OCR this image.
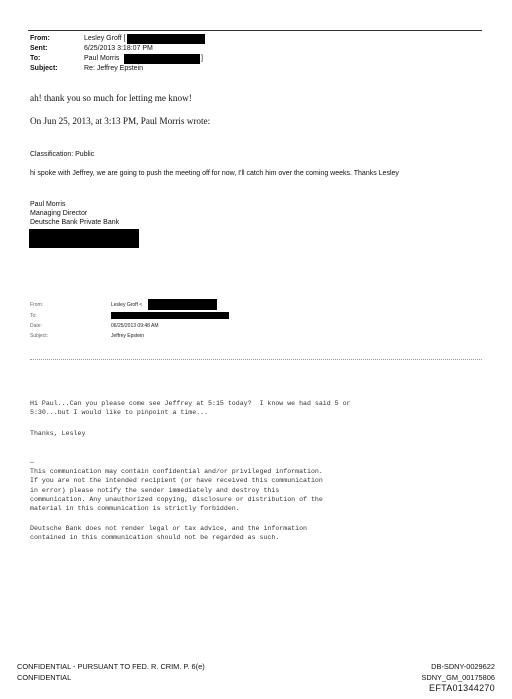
From:	Lesley Groff [
Sent:	6/25/2013 3:18:07 PM
To:	Paul Morris	]
Subject:	Re: Jeffrey Epstein
ah! thank you so much for letting me know!
On Jun 25, 2013, at 3:13 PM, Paul Morris wrote:
Classification: Public
hi spoke with Jeffrey, we are going to push the meeting off for now, I'll catch him over the coming weeks. Thanks Lesley
Paul Morris
Managing Director
Deutsche Bank Private Bank
From:	Lesley Groff <
To:
Date:	06/25/2013 09:48 AM
Subject:	Jeffrey Epstein
Hi Paul...Can you please come see Jeffrey at 5:15 today?  I know we had said 5 or
5:30...but I would like to pinpoint a time...
Thanks, Lesley
—
This communication may contain confidential and/or privileged information.
If you are not the intended recipient (or have received this communication
in error) please notify the sender immediately and destroy this
communication. Any unauthorized copying, disclosure or distribution of the
material in this communication is strictly forbidden.
Deutsche Bank does not render legal or tax advice, and the information
contained in this communication should not be regarded as such.
CONFIDENTIAL - PURSUANT TO FED. R. CRIM. P. 6(e)
CONFIDENTIAL
DB-SDNY-0029622
SDNY_GM_00175806
EFTA01344270
